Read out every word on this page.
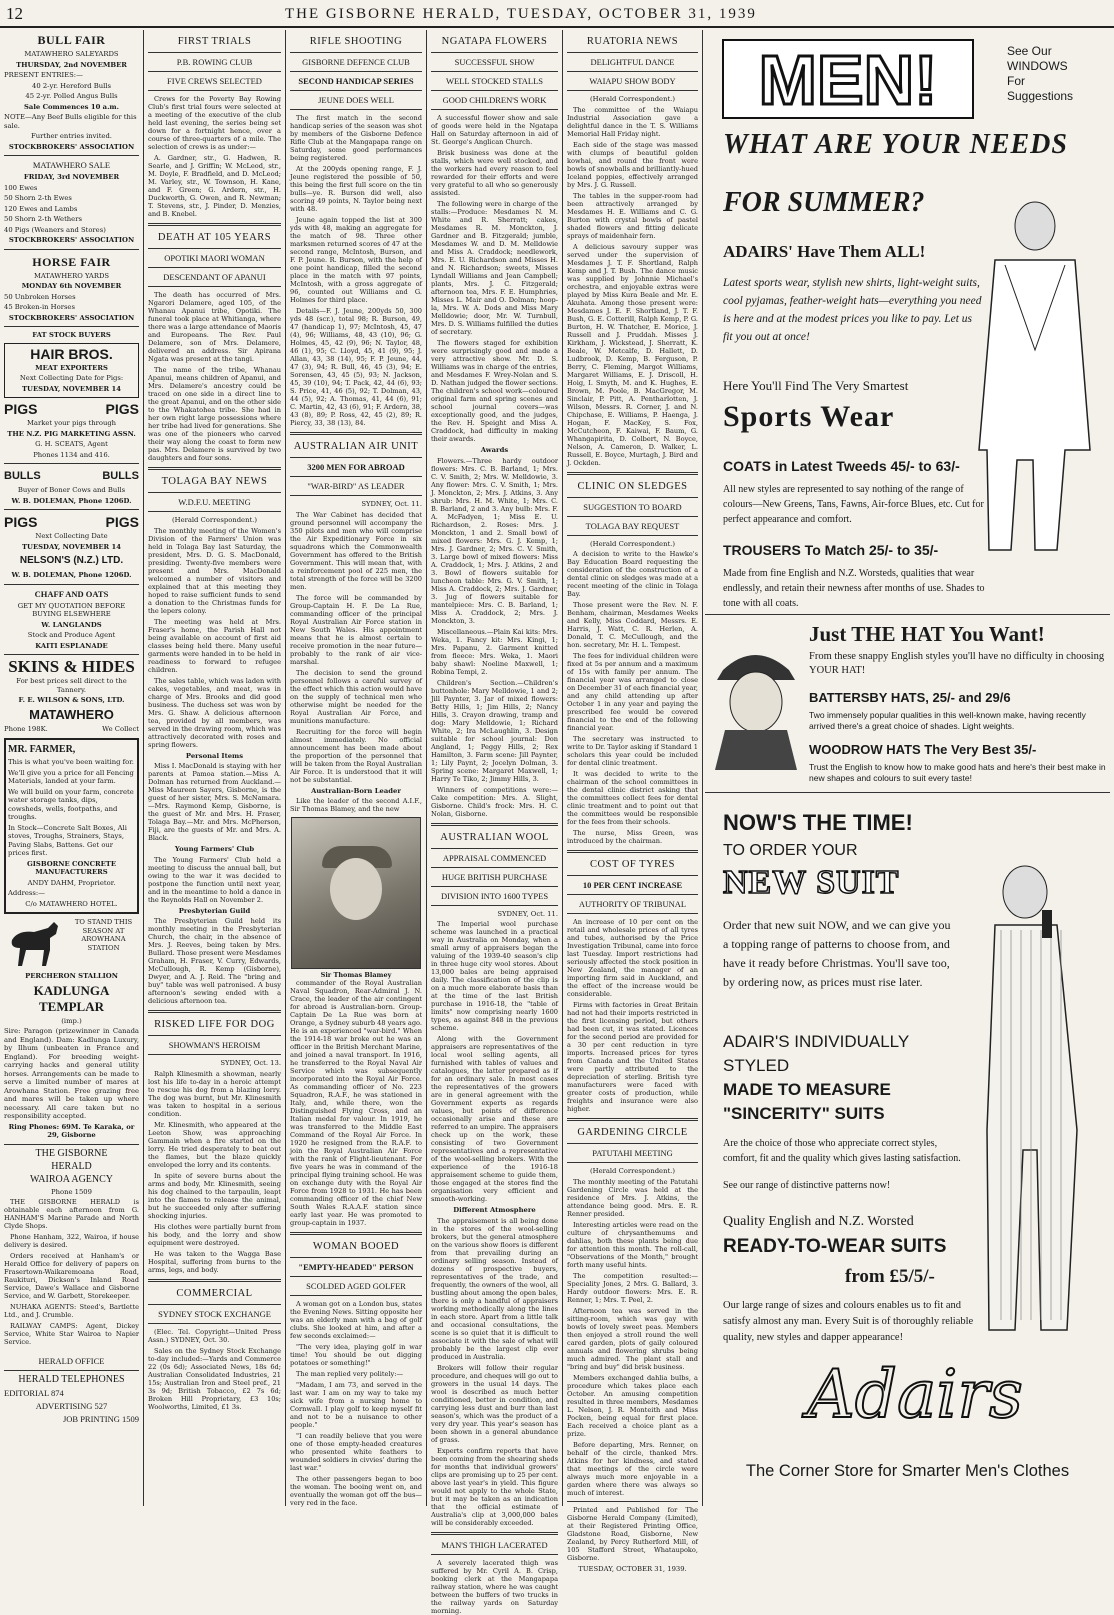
12	THE GISBORNE HERALD, TUESDAY, OCTOBER 31, 1939
BULL FAIR
MATAWHERO SALEYARDS
THURSDAY, 2nd NOVEMBER
PRESENT ENTRIES:—
40 2-yr. Hereford Bulls
45 2-yr. Polled Angus Bulls
Sale Commences 10 a.m.
NOTE—Any Beef Bulls eligible for this sale.
Further entries invited.
STOCKBROKERS' ASSOCIATION
MATAWHERO SALE
FRIDAY, 3rd NOVEMBER
100 Ewes
50 Shorn 2-th Ewes
120 Ewes and Lambs
50 Shorn 2-th Wethers
40 Pigs (Weaners and Stores)
STOCKBROKERS' ASSOCIATION
HORSE FAIR
MATAWHERO YARDS
MONDAY 6th NOVEMBER
50 Unbroken Horses
45 Broken-in Horses
STOCKBROKERS' ASSOCIATION
FAT STOCK BUYERS
HAIR BROS.
MEAT EXPORTERS
Next Collecting Date for Pigs:
TUESDAY, NOVEMBER 14
PIGS	PIGS
Market your pigs through
THE N.Z. PIG MARKETING ASSN.
G. H. SCEATS, Agent
Phones 1134 and 416.
BULLS	BULLS
Buyer of Boner Cows and Bulls
W. B. DOLEMAN, Phone 1206D.
PIGS	PIGS
Next Collecting Date
TUESDAY, NOVEMBER 14
NELSON'S (N.Z.) LTD.
W. B. DOLEMAN, Phone 1206D.
CHAFF AND OATS
GET MY QUOTATION BEFORE BUYING ELSEWHERE
W. LANGLANDS
Stock and Produce Agent
KAITI ESPLANADE
SKINS & HIDES
For best prices sell direct to the Tannery.
F. E. WILSON & SONS, LTD.
MATAWHERO
Phone 198K.	We Collect
MR. FARMER,
This is what you've been waiting for.
We'll give you a price for all Fencing Materials, landed at your farm.
We will build on your farm, concrete water storage tanks, dips, cowsheds, wells, footpaths, and troughs.
In Stock—Concrete Salt Boxes, Ali stoves, Troughs, Strainers, Stays, Paving Slabs, Battens. Get our prices first.
GISBORNE CONCRETE MANUFACTURERS
ANDY DAHM, Proprietor.
Address:—
C/o MATAWHERO HOTEL.
TO STAND THIS SEASON AT AROWHANA STATION
PERCHERON STALLION
KADLUNGA TEMPLAR
(imp.)
Sire: Paragon (prizewinner in Canada and England). Dam: Kadlunga Luxury, by Ilhum (unbeaten in France and England). For breeding weight-carrying hacks and general utility horses. Arrangements can be made to serve a limited number of mares at Arowhana Station. Free grazing free and mares will be taken up where necessary. All care taken but no responsibility accepted.
Ring Phones: 69M. Te Karaka, or 29, Gisborne
THE GISBORNE
HERALD
WAIROA AGENCY
Phone 1509

THE GISBORNE HERALD is obtainable each afternoon from G. HANHAM'S Marine Parade and North Clyde Shops.

Phone Hanham, 322, Wairoa, if house delivery is desired.

Orders received at Hanham's or Herald Office for delivery of papers on Frasertown-Waikaremoana Road, Raukituri, Dickson's Inland Road Service, Dawe's Wallace and Gisborne Service, and W. Garbett, Storekeeper.

NUHAKA AGENTS: Steed's, Bartlette Ltd., and J. Crumble.

RAILWAY CAMPS: Agent, Dickey Service, White Star Wairoa to Napier Service.

HERALD OFFICE
HERALD TELEPHONES
EDITORIAL 874
ADVERTISING 527
JOB PRINTING 1509
FIRST TRIALS
P.B. ROWING CLUB
FIVE CREWS SELECTED

Crews for the Poverty Bay Rowing Club's first trial fours were selected at a meeting of the executive of the club held last evening, the series being set down for a fortnight hence, over a course of three-quarters of a mile. The selection of crews is as under:—

A. Gardner, str., G. Hadwen, R. Searle, and J. Griffin; W. McLeod, str., M. Doyle, F. Bradfield, and D. McLeod; M. Varley, str., W. Townson, H. Kane, and F. Green; G. Ardern, str., H. Duckworth, G. Owen, and R. Newman; T. Stevens, str., J. Pinder, D. Menzies, and B. Knebel.

DEATH AT 105 YEARS
OPOTIKI MAORI WOMAN
DESCENDANT OF APANUI

The death has occurred of Mrs. Ngarori Delamere, aged 105, of the Whanau Apanui tribe, Opotiki. The funeral took place at Whitianga, where there was a large attendance of Maoris and Europeans. The Rev. Paul Delamere, son of Mrs. Delamere, delivered an address. Sir Apirana Ngata was present at the tangi.

The name of the tribe, Whanau Apanui, means children of Apanui, and Mrs. Delamere's ancestry could be traced on one side in a direct line to the great Apanui, and on the other side to the Whakatohea tribe. She had in her own right large possessions where her tribe had lived for generations. She was one of the pioneers who carved their way along the coast to form new pas. Mrs. Delamere is survived by two daughters and four sons.

TOLAGA BAY NEWS
W.D.F.U. MEETING
(Herald Correspondent.)

The monthly meeting of the Women's Division of the Farmers' Union was held in Tolaga Bay last Saturday, the president, Mrs. D. G. S. MacDonald, presiding. Twenty-five members were present and Mrs. MacDonald welcomed a number of visitors and explained that at this meeting they hoped to raise sufficient funds to send a donation to the Christmas funds for the lepers colony.

The meeting was held at Mrs. Fraser's home, the Parish Hall not being available on account of first aid classes being held there. Many useful garments were handed in to be held in readiness to forward to refugee children.

The sales table, which was laden with cakes, vegetables, and meat, was in charge of Mrs. Brooks and did good business. The duchess set was won by Mrs. G. Shaw. A delicious afternoon tea, provided by all members, was served in the drawing room, which was attractively decorated with roses and spring flowers.

Personal Items

Miss I. MacDonald is staying with her parents at Pamoa station.—Miss A. Dolman has returned from Auckland.—Miss Maureen Sayers, Gisborne, is the guest of her sister, Mrs. S. McNamara.—Mrs. Raymond Kemp, Gisborne, is the guest of Mr. and Mrs. H. Fraser, Tolaga Bay.—Mr. and Mrs. McPherson, Fiji, are the guests of Mr. and Mrs. A. Black.

Young Farmers' Club

The Young Farmers' Club held a meeting to discuss the annual ball, but owing to the war it was decided to postpone the function until next year, and in the meantime to hold a dance in the Reynolds Hall on November 2.

Presbyterian Guild

The Presbyterian Guild held its monthly meeting in the Presbyterian Church, the chair, in the absence of Mrs. J. Reeves, being taken by Mrs. Bullard. Those present were Mesdames Graham, H. Fraser, V. Curry, Edwards, McCullough, R. Kemp (Gisborne), Dwyer, and A. J. Reid. The "bring and buy" table was well patronised. A busy afternoon's sewing ended with a delicious afternoon tea.

RISKED LIFE FOR DOG
SHOWMAN'S HEROISM
SYDNEY, Oct. 13.

Ralph Klinesmith a showman, nearly lost his life to-day in a heroic attempt to rescue his dog from a blazing lorry. The dog was burnt, but Mr. Klinesmith was taken to hospital in a serious condition.

Mr. Klinesmith, who appeared at the Leeton Show, was approaching Gammain when a fire started on the lorry. He tried desperately to beat out the flames, but the blaze quickly enveloped the lorry and its contents.

In spite of severe burns about the arms and body, Mr. Klinesmith, seeing his dog chained to the tarpaulin, leapt into the flames to release the animal, but he succeeded only after suffering shocking injuries.

His clothes were partially burnt from his body, and the lorry and show equipment were destroyed.

He was taken to the Wagga Base Hospital, suffering from burns to the arms, legs, and body.

COMMERCIAL
SYDNEY STOCK EXCHANGE

(Elec. Tel. Copyright—United Press Assn.) SYDNEY, Oct. 30.

Sales on the Sydney Stock Exchange to-day included:—Yards and Commerce 22 (0s 6d); Associated News, 18s 6d; Australian Consolidated Industries, 21 15s; Australian Iron and Steel pref., 21 3s 9d; British Tobacco, £2 7s 6d; Broken Hill Proprietary, £3 10s; Woolworths, Limited, £1 3s.

RIFLE SHOOTING
GISBORNE DEFENCE CLUB
SECOND HANDICAP SERIES
JEUNE DOES WELL

The first match in the second handicap series of the season was shot by members of the Gisborne Defence Rifle Club at the Mangapapa range on Saturday, some good performances being registered.

At the 200yds opening range, F. J. Jeune registered the possible of 50, this being the first full score on the tin bulls—ye. R. Burson did well, also scoring 49 points, N. Taylor being next with 48.

Jeune again topped the list at 300 yds with 48, making an aggregate for the match of 98. Three other marksmen returned scores of 47 at the second range, McIntosh, Burson, and F. P. Jeune. R. Burson, with the help of one point handicap, filled the second place in the match with 97 points, McIntosh, with a gross aggregate of 96, counted out Williams and G. Holmes for third place.

Details—F. J. Jeune, 200yds 50, 300 yds 48 (scr.), total 98; R. Burson, 49, 47 (handicap 1), 97; McIntosh, 45, 47 (4), 96; Williams, 48, 43 (10), 96; G. Holmes, 45, 42 (9), 96; N. Taylor, 48, 46 (1), 95; C. Lloyd, 45, 41 (9), 95; J. Allan, 43, 38 (14), 95; F. P. Jeune, 44, 47 (3), 94; R. Bull, 46, 45 (3), 94; E. Sorensen, 43, 45 (5), 93; N. Jackson, 45, 39 (10), 94; T. Pack, 42, 44 (6), 93; S. Price, 41, 46 (5), 92; T. Dolman, 43, 44 (5), 92; A. Thomas, 41, 44 (6), 91; C. Martin, 42, 43 (6), 91; F. Ardern, 38, 43 (8), 89; P. Ross, 42, 45 (2), 89; R. Piercy, 33, 38 (13), 84.

AUSTRALIAN AIR UNIT
3200 MEN FOR ABROAD
"WAR-BIRD" AS LEADER
SYDNEY, Oct. 11.

The War Cabinet has decided that ground personnel will accompany the 350 pilots and men who will comprise the Air Expeditionary Force in six squadrons which the Commonwealth Government has offered to the British Government. This will mean that, with a reinforcement pool of 225 men, the total strength of the force will be 3200 men.

The force will be commanded by Group-Captain H. F. De La Rue, commanding officer of the principal Royal Australian Air Force station in New South Wales. His appointment means that he is almost certain to receive promotion in the near future—probably to the rank of air vice-marshal.

The decision to send the ground personnel follows a careful survey of the effect which this action would have on the supply of technical men who otherwise might be needed for the Royal Australian Air Force, and munitions manufacture.

Recruiting for the force will begin almost immediately. No official announcement has been made about the proportion of the personnel that will be taken from the Royal Australian Air Force. It is understood that it will not be substantial.

Australian-Born Leader

Like the leader of the second A.I.F., Sir Thomas Blamey, and the new

Sir Thomas Blamey

commander of the Royal Australian Naval Squadron, Rear-Admiral J. N. Crace, the leader of the air contingent for abroad is Australian-born. Group-Captain De La Rue was born at Orange, a Sydney suburb 48 years ago. He is an experienced "war-bird." When the 1914-18 war broke out he was an officer in the British Merchant Marine, and joined a naval transport. In 1916, he transferred to the Royal Naval Air Service which was subsequently incorporated into the Royal Air Force. As commanding officer of No. 223 Squadron, R.A.F., he was stationed in Italy, and, while there, won the Distinguished Flying Cross, and an Italian medal for valour. In 1919, he was transferred to the Middle East Command of the Royal Air Force. In 1920 he resigned from the R.A.F. to join the Royal Australian Air Force with the rank of Flight-lieutenant. For five years he was in command of the principal flying training school. He was on exchange duty with the Royal Air Force from 1928 to 1931. He has been commanding officer of the chief New South Wales R.A.A.F. station since early last year. He was promoted to group-captain in 1937.

WOMAN BOOED
"EMPTY-HEADED" PERSON
SCOLDED AGED GOLFER

A woman got on a London bus, states the Evening News. Sitting opposite her was an elderly man with a bag of golf clubs. She looked at him, and after a few seconds exclaimed:—

"The very idea, playing golf in war time! You should be out digging potatoes or something!"

The man replied very politely:—

"Madam, I am 73, and served in the last war. I am on my way to take my sick wife from a nursing home to Cornwall. I play golf to keep myself fit and not to be a nuisance to other people."

"I can readily believe that you were one of those empty-headed creatures who presented white feathers to wounded soldiers in civvies' during the last war."

The other passengers began to boo the woman. The booing went on, and eventually the woman got off the bus—very red in the face.

NGATAPA FLOWERS
SUCCESSFUL SHOW
WELL STOCKED STALLS
GOOD CHILDREN'S WORK

A successful flower show and sale of goods were held in the Ngatapa Hall on Saturday afternoon in aid of St. George's Anglican Church.

Brisk business was done at the stalls, which were well stocked, and the workers had every reason to feel rewarded for their efforts and were very grateful to all who so generously assisted.

The following were in charge of the stalls:—Produce: Mesdames N. M. White and R. Sherratt; cakes, Mesdames R. M. Monckton, J. Gardner and B. Fitzgerald; jumble, Mesdames W. and D. M. Melldowie and Miss A. Craddock; needlework, Mrs. E. U. Richardson and Misses H. and N. Richardson; sweets, Misses Lyndall Williams and Jean Campbell; plants, Mrs. J. C. Fitzgerald; afternoon tea, Mrs. F. E. Humphries, Misses L. Mair and O. Dolman; hoop-la, Mrs. W. A. Dods and Miss Mary Melldowie; door, Mr. W. Turnbull, Mrs. D. S. Williams fulfilled the duties of secretary.

The flowers staged for exhibition were surprisingly good and made a very attractive show. Mr. D. S. Williams was in charge of the entries, and Mesdames F. Wrey-Nolan and S. D. Nathan judged the flower sections. The children's school work—coloured original farm and spring scenes and school journal covers—was exceptionally good, and the judges, the Rev. H. Speight and Miss A. Craddock, had difficulty in making their awards.

Awards

Flowers.—Three hardy outdoor flowers: Mrs. C. B. Barland, 1; Mrs. C. V. Smith, 2; Mrs. W. Melldowie, 3. Any flower: Mrs. C. V. Smith, 1; Mrs. J. Monckton, 2; Mrs. J. Atkins, 3. Any shrub: Mrs. H. M. White, 1; Mrs. C. B. Barland, 2 and 3. Any bulb: Mrs. F. A. McFadyen, 1; Miss E. U. Richardson, 2. Roses: Mrs. J. Monckton, 1 and 2. Small bowl of mixed flowers: Mrs. G. J. Kemp, 1; Mrs. J. Gardner, 2; Mrs. C. V. Smith, 3. Large bowl of mixed flowers: Miss A. Craddock, 1; Mrs. J. Atkins, 2 and 3. Bowl of flowers suitable for luncheon table: Mrs. G. V. Smith, 1; Miss A. Craddock, 2; Mrs. J. Gardner, 3. Jug of flowers suitable for mantelpiece: Mrs. C. B. Barland, 1; Miss A. Craddock, 2; Mrs. J. Monckton, 3.

Miscellaneous.—Plain Kai kits: Mrs. Weka, 1. Fancy kit: Mrs. Kingi, 1; Mrs. Papanu, 2. Garment knitted from fleece: Mrs. Weka, 1. Maori baby shawl: Noeline Maxwell, 1; Robina Tempi, 2.

Children's Section.—Children's buttonhole: Mary Melldowie, 1 and 2; Jill Paynter, 3. Jar of mixed flowers: Betty Hills, 1; Jim Hills, 2; Nancy Hills, 3. Crayon drawing, tramp and dog: Mary Melldowie, 1; Richard White, 2; Ira McLaughlin, 3. Design suitable for school journal: Don Angland, 1; Peggy Hills, 2; Rex Hamilton, 3. Farm scene: Jill Paynter, 1; Lily Paynt, 2; Jocelyn Dolman, 3. Spring scene: Margaret Maxwell, 1; Harry Te Tiko, 2; Jimmy Hills, 3.

Winners of competitions were:—Cake competition: Mrs. A. Slight, Gisborne. Child's frock: Mrs. H. C. Nolan, Gisborne.

AUSTRALIAN WOOL
APPRAISAL COMMENCED
HUGE BRITISH PURCHASE
DIVISION INTO 1600 TYPES
SYDNEY, Oct. 11.

The Imperial wool purchase scheme was launched in a practical way in Australia on Monday, when a small army of appraisers began the valuing of the 1939-40 season's clip in three huge city wool stores. About 13,000 bales are being appraised daily. The classification of the clip is on a much more elaborate basis than at the time of the last British purchase in 1916-18, the "table of limits" now comprising nearly 1600 types, as against 848 in the previous scheme.

Along with the Government appraisers are representatives of the local wool selling agents, all furnished with tables of values and catalogues, the latter prepared as if for an ordinary sale. In most cases the representatives of the growers are in general agreement with the Government experts as regards values, but points of difference occasionally arise and these are referred to an umpire. The appraisers check up on the work, these consisting of two Government representatives and a representative of the wool-selling brokers. With the experience of the 1916-18 appraisement scheme to guide them, those engaged at the stores find the organisation very efficient and smooth-working.

Different Atmosphere

The appraisement is all being done in the stores of the wool-selling brokers, but the general atmosphere on the various show floors is different from that prevailing during an ordinary selling season. Instead of dozens of prospective buyers, representatives of the trade, and frequently, the owners of the wool, all bustling about among the open bales, there is only a handful of appraisers working methodically along the lines in each store. Apart from a little talk and occasional consultations, the scene is so quiet that it is difficult to associate it with the sale of what will probably be the largest clip ever produced in Australia.

Brokers will follow their regular procedure, and cheques will go out to growers in the usual 14 days. The wool is described as much better conditioned, better in condition, and carrying less dust and burr than last season's, which was the product of a very dry year. This year's season has been shown in a general abundance of grass.

Experts confirm reports that have been coming from the shearing sheds for months that individual growers' clips are promising up to 25 per cent. above last year's in yield. This figure would not apply to the whole State, but it may be taken as an indication that the official estimate of Australia's clip at 3,000,000 bales will be considerably exceeded.

MAN'S THIGH LACERATED

A severely lacerated thigh was suffered by Mr. Cyril A. B. Crisp, booking clerk at the Mangapapa railway station, where he was caught between the buffers of two trucks in the railway yards on Saturday morning.

RUATORIA NEWS
DELIGHTFUL DANCE
WAIAPU SHOW BODY
(Herald Correspondent.)

The committee of the Waiapu Industrial Association gave a delightful dance in the T. S. Williams Memorial Hall Friday night.

Each side of the stage was massed with clumps of beautiful golden kowhai, and round the front were bowls of snowballs and brilliantly-hued Iceland poppies, effectively arranged by Mrs. J. G. Russell.

The tables in the supper-room had been attractively arranged by Mesdames H. E. Williams and C. G. Burton with crystal bowls of pastel shaded flowers and fitting delicate sprays of maidenhair fern.

A delicious savoury supper was served under the supervision of Mesdames J. T. F. Shortland, Ralph Kemp and J. T. Bush. The dance music was supplied by Johnnie Michael's orchestra, and enjoyable extras were played by Miss Kura Beale and Mr. E. Akuhata. Among those present were: Mesdames J. E. F. Shortland, J. T. F. Bush, G. E. Cotterill, Ralph Kemp, P. G. Burton, H. W. Thatcher, E. Morice, J. Russell and J. Pruddah. Misses J. Kirkham, J. Wickstead, J. Sherratt, K. Beale, W. Metcalfe, D. Hallett, D. Ludbrook, D. Kemp, B. Ferguson, P. Berry, C. Fleming, Margot Williams, Margaret Williams, E. J. Driscoll, H. Hoig, I. Smyth, M. and K. Hughes, E. Brown, M. Poole, B. MacGregor, M. Sinclair, P. Pitt, A. Pentharlotten, J. Wilson, Messrs. R. Corner, J. and N. Chipchase, E. Williams, P. Haenga, J. Hogan, F. MacKey, S. Fox, McCutcheon, F. Kaiwai, F. Baum, G. Whangapirita, D. Colbert, N. Boyce, Nelson, A. Cameron, D. Walker, L. Russell, E. Boyce, Murtagh, J. Bird and J. Ockden.

CLINIC ON SLEDGES
SUGGESTION TO BOARD
TOLAGA BAY REQUEST
(Herald Correspondent.)

A decision to write to the Hawke's Bay Education Board requesting the consideration of the construction of a dental clinic on sledges was made at a recent meeting of the clinic in Tolaga Bay.

Those present were the Rev. N. F. Benham, chairman, Mesdames Weeks and Kelly, Miss Coddard, Messrs. E. Harris, J. Watt, C. R. Herlen, A. Donald, T. C. McCullough, and the hon. secretary, Mr. H. L. Tempest.

The fees for individual children were fixed at 5s per annum and a maximum of 15s with family per annum. The financial year was arranged to close on December 31 of each financial year, and any child attending up after October 1 in any year and paying the prescribed fee would be covered financial to the end of the following financial year.

The secretary was instructed to write to Dr. Taylor asking if Standard 1 scholars this year could be included for dental clinic treatment.

It was decided to write to the chairman of the school committees in the dental clinic district asking that the committees collect fees for dental clinic treatment and to point out that the committees would be responsible for the fees from their schools.

The nurse, Miss Green, was introduced by the chairman.

COST OF TYRES
10 PER CENT INCREASE
AUTHORITY OF TRIBUNAL

An increase of 10 per cent on the retail and wholesale prices of all tyres and tubes, authorised by the Price Investigation Tribunal, came into force last Tuesday. Import restrictions had seriously affected the stock position in New Zealand, the manager of an importing firm said in Auckland, and the effect of the increase would be considerable.

Firms with factories in Great Britain had not had their imports restricted in the first licensing period, but others had been cut, it was stated. Licences for the second period are provided for a 30 per cent reduction in tyre imports. Increased prices for tyres from Canada and the United States were partly attributed to the depreciation of sterling. British tyre manufacturers were faced with greater costs of production, while freights and insurance were also higher.

GARDENING CIRCLE
PATUTAHI MEETING
(Herald Correspondent.)

The monthly meeting of the Patutahi Gardening Circle was held at the residence of Mrs. J. Atkins, the attendance being good. Mrs. E. R. Renner presided.

Interesting articles were read on the culture of chrysanthemums and dahlias, both these plants being due for attention this month. The roll-call, "Observations of the Month," brought forth many useful hints.

The competition resulted:—Speciality Jones, 2 Mrs. G. Ballard, 3. Hardy outdoor flowers: Mrs. E. R. Renner, 1; Mrs. T. Peel, 2.

Afternoon tea was served in the sitting-room, which was gay with bowls of lovely sweet peas. Members then enjoyed a stroll round the well cared garden, plots of gaily coloured annuals and flowering shrubs being much admired. The plant stall and "bring and buy" did brisk business.

Members exchanged dahlia bulbs, a procedure which takes place each October. An amusing competition resulted in three members, Mesdames L. Nelson, J. R. Monteith and Miss Pocken, being equal for first place. Each received a choice plant as a prize.

Before departing, Mrs. Renner, on behalf of the circle, thanked Mrs. Atkins for her kindness, and stated that meetings of the circle were always much more enjoyable in a garden where there was always so much of interest.

Printed and Published for The Gisborne Herald Company (Limited), at their Registered Printing Office, Gladstone Road, Gisborne, New Zealand, by Percy Rutherford Mill, of 105 Stafford Street, Whataupoko, Gisborne.

TUESDAY, OCTOBER 31, 1939.
MEN!	See Our
WINDOWS
For
Suggestions
WHAT ARE YOUR NEEDS
FOR SUMMER?
ADAIRS' Have Them ALL!
Latest sports wear, stylish new shirts, light-weight suits, cool pyjamas, feather-weight hats—everything you need is here and at the modest prices you like to pay. Let us fit you out at once!
Here You'll Find The Very Smartest
Sports Wear
COATS in Latest Tweeds 45/- to 63/-
All new styles are represented to say nothing of the range of colours—New Greens, Tans, Fawns, Air-force Blues, etc. Cut for perfect appearance and comfort.
TROUSERS To Match 25/- to 35/-
Made from fine English and N.Z. Worsteds, qualities that wear endlessly, and retain their newness after months of use. Shades to tone with all coats.
Just THE HAT You Want!
From these snappy English styles you'll have no difficulty in choosing YOUR HAT!
BATTERSBY HATS, 25/- and 29/6
Two immensely popular qualities in this well-known make, having recently arrived there's a great choice of shades. Light weights.
WOODROW HATS The Very Best 35/-
Trust the English to know how to make good hats and here's their best make in new shapes and colours to suit every taste!
NOW'S THE TIME!
TO ORDER YOUR
NEW SUIT
Order that new suit NOW, and we can give you a topping range of patterns to choose from, and have it ready before Christmas. You'll save too, by ordering now, as prices must rise later.
ADAIR'S INDIVIDUALLY
STYLED
MADE TO MEASURE
"SINCERITY" SUITS
Are the choice of those who appreciate correct styles, comfort, fit and the quality which gives lasting satisfaction.
See our range of distinctive patterns now!
Quality English and N.Z. Worsted
READY-TO-WEAR SUITS
from £5/5/-
Our large range of sizes and colours enables us to fit and satisfy almost any man. Every Suit is of thoroughly reliable quality, new styles and dapper appearance!
Adairs
The Corner Store for Smarter Men's Clothes
